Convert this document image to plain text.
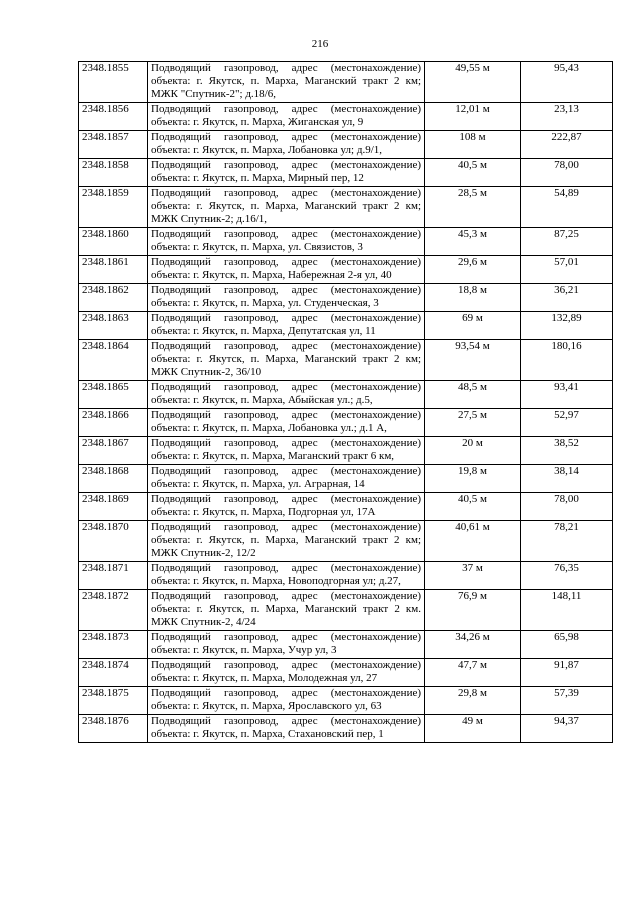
216
2348.1855	Подводящий газопровод, адрес (местонахождение) объекта: г. Якутск, п. Марха, Маганский тракт 2 км; МЖК "Спутник-2"; д.18/6,	49,55 м	95,43
2348.1856	Подводящий газопровод, адрес (местонахождение) объекта: г. Якутск, п. Марха, Жиганская ул, 9	12,01 м	23,13
2348.1857	Подводящий газопровод, адрес (местонахождение) объекта: г. Якутск, п. Марха, Лобановка ул; д.9/1,	108 м	222,87
2348.1858	Подводящий газопровод, адрес (местонахождение) объекта: г. Якутск, п. Марха, Мирный пер, 12	40,5 м	78,00
2348.1859	Подводящий газопровод, адрес (местонахождение) объекта: г. Якутск, п. Марха, Маганский тракт 2 км; МЖК Спутник-2; д.16/1,	28,5 м	54,89
2348.1860	Подводящий газопровод, адрес (местонахождение) объекта: г. Якутск, п. Марха, ул. Связистов, 3	45,3 м	87,25
2348.1861	Подводящий газопровод, адрес (местонахождение) объекта: г. Якутск, п. Марха, Набережная 2-я ул, 40	29,6 м	57,01
2348.1862	Подводящий газопровод, адрес (местонахождение) объекта: г. Якутск, п. Марха, ул. Студенческая, 3	18,8 м	36,21
2348.1863	Подводящий газопровод, адрес (местонахождение) объекта: г. Якутск, п. Марха, Депутатская ул, 11	69 м	132,89
2348.1864	Подводящий газопровод, адрес (местонахождение) объекта: г. Якутск, п. Марха, Маганский тракт 2 км; МЖК Спутник-2, 36/10	93,54 м	180,16
2348.1865	Подводящий газопровод, адрес (местонахождение) объекта: г. Якутск, п. Марха, Абыйская ул.; д.5,	48,5 м	93,41
2348.1866	Подводящий газопровод, адрес (местонахождение) объекта: г. Якутск, п. Марха, Лобановка ул.; д.1 А,	27,5 м	52,97
2348.1867	Подводящий газопровод, адрес (местонахождение) объекта: г. Якутск, п. Марха, Маганский тракт 6 км,	20 м	38,52
2348.1868	Подводящий газопровод, адрес (местонахождение) объекта: г. Якутск, п. Марха, ул. Аграрная, 14	19,8 м	38,14
2348.1869	Подводящий газопровод, адрес (местонахождение) объекта: г. Якутск, п. Марха, Подгорная ул, 17А	40,5 м	78,00
2348.1870	Подводящий газопровод, адрес (местонахождение) объекта: г. Якутск, п. Марха, Маганский тракт 2 км; МЖК Спутник-2, 12/2	40,61 м	78,21
2348.1871	Подводящий газопровод, адрес (местонахождение) объекта: г. Якутск, п. Марха, Новоподгорная ул; д.27,	37 м	76,35
2348.1872	Подводящий газопровод, адрес (местонахождение) объекта: г. Якутск, п. Марха, Маганский тракт 2 км. МЖК Спутник-2, 4/24	76,9 м	148,11
2348.1873	Подводящий газопровод, адрес (местонахождение) объекта: г. Якутск, п. Марха, Учур ул, 3	34,26 м	65,98
2348.1874	Подводящий газопровод, адрес (местонахождение) объекта: г. Якутск, п. Марха, Молодежная ул, 27	47,7 м	91,87
2348.1875	Подводящий газопровод, адрес (местонахождение) объекта: г. Якутск, п. Марха, Ярославского ул, 63	29,8 м	57,39
2348.1876	Подводящий газопровод, адрес (местонахождение) объекта: г. Якутск, п. Марха, Стахановский пер, 1	49 м	94,37
